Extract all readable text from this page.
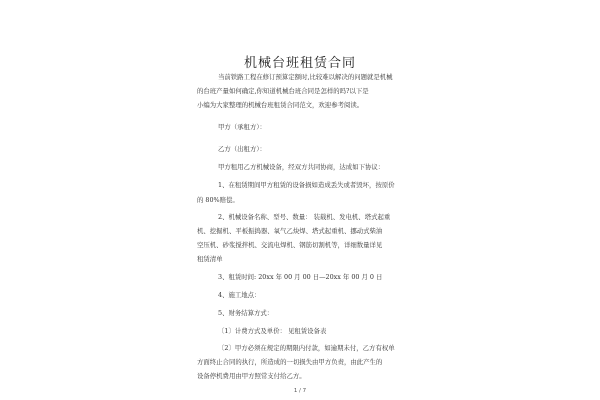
机械台班租赁合同
当前铁路工程在修订预算定额时,比较难以解决的问题就是机械
的台班产量如何确定,你知道机械台班合同是怎样的吗?以下是
小编为大家整理的机械台班租赁合同范文，欢迎参考阅读。
甲方（承租方）：
乙方（出租方）：
甲方租用乙方机械设备，经双方共同协商，达成如下协议：
1、在租赁期间甲方租赁的设备损如造成丢失或者毁坏，按原价
的 80%赔偿。
2、机械设备名称、型号、数量： 装载机、发电机、塔式起重
机、挖掘机、平板振捣器、氧气乙炔焊、塔式起重机、挪动式柴油
空压机、砂浆搅拌机、交流电焊机、钢筋切割机等，详细数量详见
租赁清单
3、租赁时间: 20xx 年 00 月 00 日—20xx 年 00 月 0 日
4、施工地点：
5、财务结算方式：
〔1〕计费方式及单价： 见租赁设备表
〔2〕甲方必须在规定的期限内付款，如逾期未付，乙方有权单
方面终止合同的执行，所造成的一切损失由甲方负责，由此产生的
设备停机费用由甲方照常支付给乙方。
1 / 7
